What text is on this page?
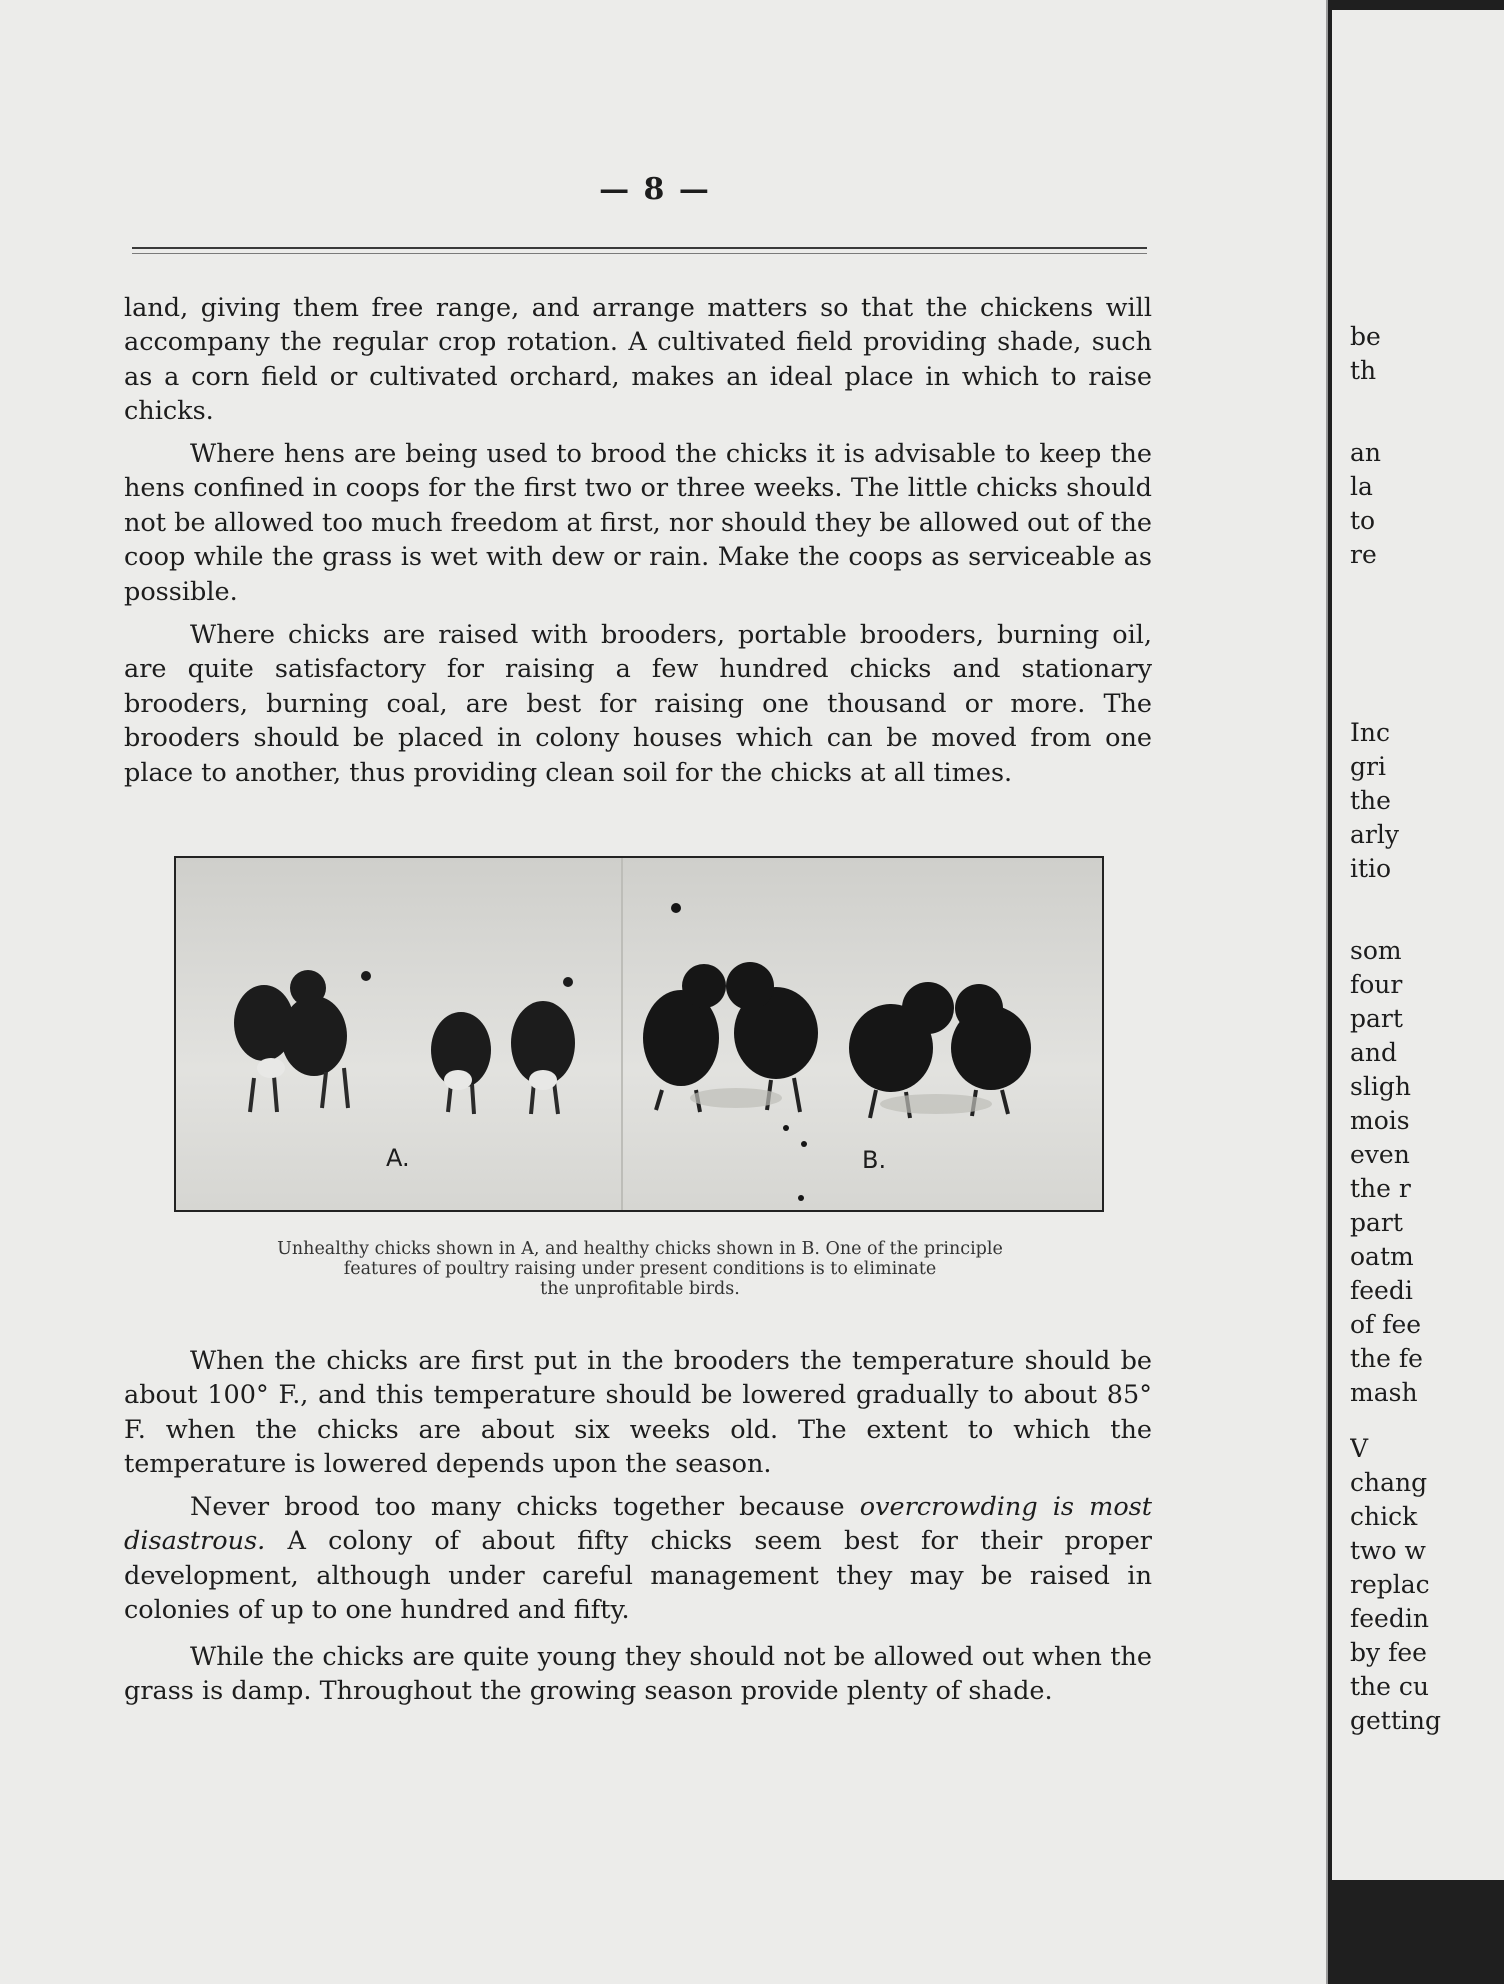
— 8 —

land, giving them free range, and arrange matters so that the chickens will accompany the regular crop rotation. A cultivated field providing shade, such as a corn field or cultivated orchard, makes an ideal place in which to raise chicks.

Where hens are being used to brood the chicks it is advisable to keep the hens confined in coops for the first two or three weeks. The little chicks should not be allowed too much freedom at first, nor should they be allowed out of the coop while the grass is wet with dew or rain. Make the coops as serviceable as possible.

Where chicks are raised with brooders, portable brooders, burning oil, are quite satisfactory for raising a few hundred chicks and stationary brooders, burning coal, are best for raising one thousand or more. The brooders should be placed in colony houses which can be moved from one place to another, thus providing clean soil for the chicks at all times.

A.	B.
Unhealthy chicks shown in A, and healthy chicks shown in B. One of the principle
features of poultry raising under present conditions is to eliminate
the unprofitable birds.

When the chicks are first put in the brooders the temperature should be about 100° F., and this temperature should be lowered gradually to about 85° F. when the chicks are about six weeks old. The extent to which the temperature is lowered depends upon the season.

Never brood too many chicks together because overcrowding is most disastrous. A colony of about fifty chicks seem best for their proper development, although under careful management they may be raised in colonies of up to one hundred and fifty.

While the chicks are quite young they should not be allowed out when the grass is damp. Throughout the growing season provide plenty of shade.

be
th
an
la
to
re
Inc
gri
the
arly
itio
som
four
part
and
sligh
mois
even
the r
part
oatm
feedi
of fee
the fe
mash
V
chang
chick
two w
replac
feedin
by fee
the cu
getting
